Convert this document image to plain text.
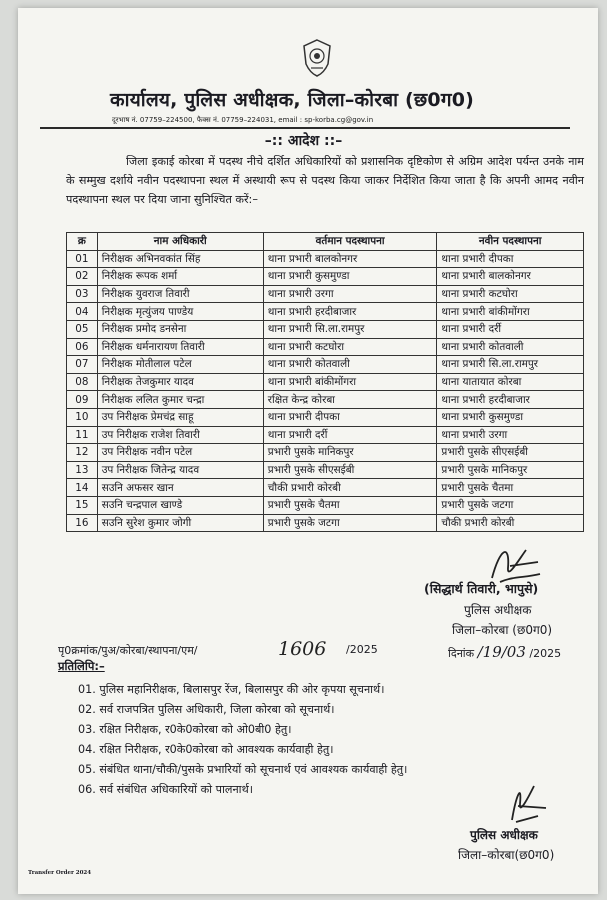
कार्यालय, पुलिस अधीक्षक, जिला–कोरबा (छ0ग0)
दूरभाष नं. 07759–224500, फैक्स नं. 07759–224031, email : sp-korba.cg@gov.in
–:: आदेश ::–
जिला इकाई कोरबा में पदस्थ नीचे दर्शित अधिकारियों को प्रशासनिक दृष्टिकोण से अग्रिम आदेश पर्यन्त उनके नाम के सम्मुख दर्शाये नवीन पदस्थापना स्थल में अस्थायी रूप से पदस्थ किया जाकर निर्देशित किया जाता है कि अपनी आमद नवीन पदस्थापना स्थल पर दिया जाना सुनिश्चित करें:–
क्र	नाम अधिकारी	वर्तमान पदस्थापना	नवीन पदस्थापना
01	निरीक्षक अभिनवकांत सिंह	थाना प्रभारी बालकोनगर	थाना प्रभारी दीपका
02	निरीक्षक रूपक शर्मा	थाना प्रभारी कुसमुण्डा	थाना प्रभारी बालकोनगर
03	निरीक्षक युवराज तिवारी	थाना प्रभारी उरगा	थाना प्रभारी कटघोरा
04	निरीक्षक मृत्युंजय पाण्डेय	थाना प्रभारी हरदीबाजार	थाना प्रभारी बांकीमोंगरा
05	निरीक्षक प्रमोद डनसेना	थाना प्रभारी सि.ला.रामपुर	थाना प्रभारी दर्री
06	निरीक्षक धर्मनारायण तिवारी	थाना प्रभारी कटघोरा	थाना प्रभारी कोतवाली
07	निरीक्षक मोतीलाल पटेल	थाना प्रभारी कोतवाली	थाना प्रभारी सि.ला.रामपुर
08	निरीक्षक तेजकुमार यादव	थाना प्रभारी बांकीमोंगरा	थाना यातायात कोरबा
09	निरीक्षक ललित कुमार चन्द्रा	रक्षित केन्द्र कोरबा	थाना प्रभारी हरदीबाजार
10	उप निरीक्षक प्रेमचंद्र साहू	थाना प्रभारी दीपका	थाना प्रभारी कुसमुण्डा
11	उप निरीक्षक राजेश तिवारी	थाना प्रभारी दर्री	थाना प्रभारी उरगा
12	उप निरीक्षक नवीन पटेल	प्रभारी पुसके मानिकपुर	प्रभारी पुसके सीएसईबी
13	उप निरीक्षक जितेन्द्र यादव	प्रभारी पुसके सीएसईबी	प्रभारी पुसके मानिकपुर
14	सउनि अफसर खान	चौकी प्रभारी कोरबी	प्रभारी पुसके चैतमा
15	सउनि चन्द्रपाल खाण्डे	प्रभारी पुसके चैतमा	प्रभारी पुसके जटगा
16	सउनि सुरेश कुमार जोगी	प्रभारी पुसके जटगा	चौकी प्रभारी कोरबी
(सिद्धार्थ तिवारी, भापुसे)
पुलिस अधीक्षक
जिला–कोरबा (छ0ग0)
पृ0क्रमांक/पुअ/कोरबा/स्थापना/एम/	1606 /2025	दिनांक /19/03 /2025
प्रतिलिपि:–
01. पुलिस महानिरीक्षक, बिलासपुर रेंज, बिलासपुर की ओर कृपया सूचनार्थ।
02. सर्व राजपत्रित पुलिस अधिकारी, जिला कोरबा को सूचनार्थ।
03. रक्षित निरीक्षक, र0के0कोरबा को ओ0बी0 हेतु।
04. रक्षित निरीक्षक, र0के0कोरबा को आवश्यक कार्यवाही हेतु।
05. संबंधित थाना/चौकी/पुसके प्रभारियों को सूचनार्थ एवं आवश्यक कार्यवाही हेतु।
06. सर्व संबंधित अधिकारियों को पालनार्थ।
पुलिस अधीक्षक
जिला–कोरबा(छ0ग0)
Transfer Order 2024
